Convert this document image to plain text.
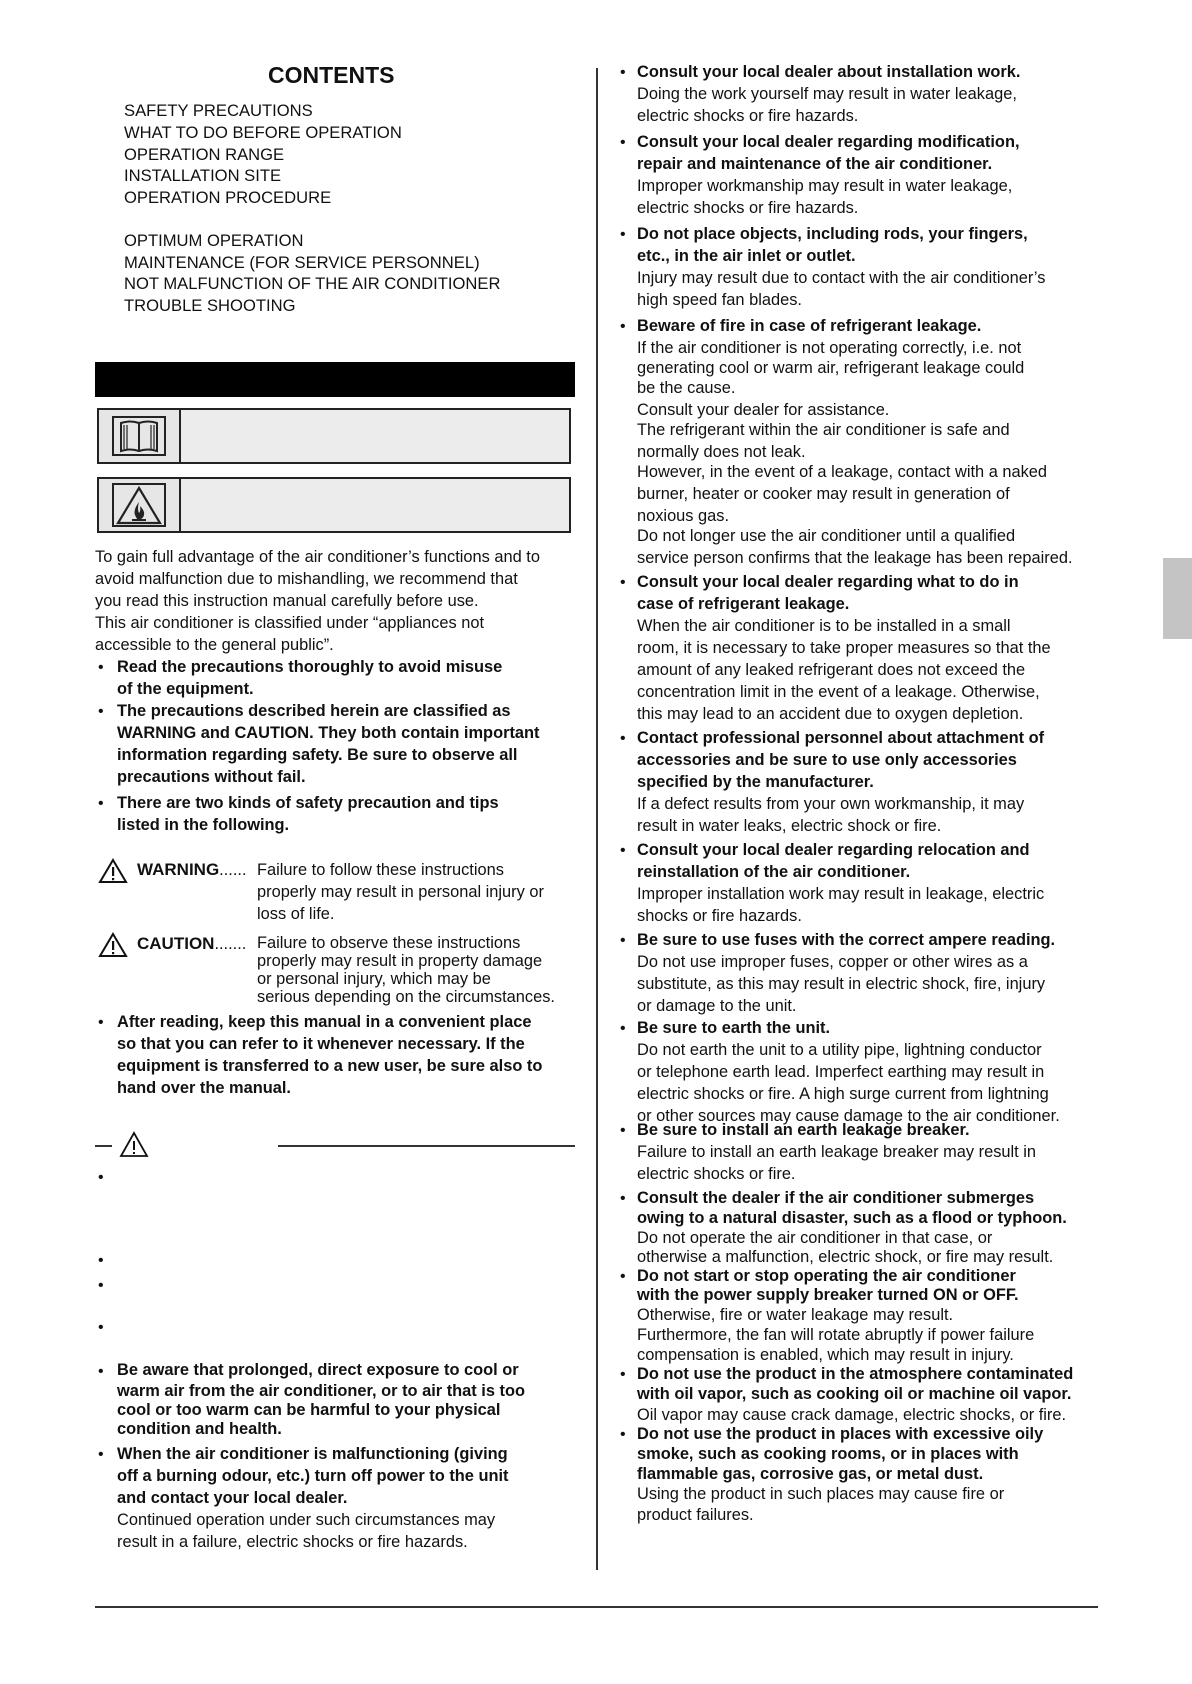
CONTENTS
SAFETY PRECAUTIONS
WHAT TO DO BEFORE OPERATION
OPERATION RANGE
INSTALLATION SITE
OPERATION PROCEDURE
OPTIMUM OPERATION
MAINTENANCE (FOR SERVICE PERSONNEL)
NOT MALFUNCTION OF THE AIR CONDITIONER
TROUBLE SHOOTING
To gain full advantage of the air conditioner’s functions and to
avoid malfunction due to mishandling, we recommend that
you read this instruction manual carefully before use.
This air conditioner is classified under “appliances not
accessible to the general public”.
• Read the precautions thoroughly to avoid misuse
of the equipment.
• The precautions described herein are classified as
WARNING and CAUTION. They both contain important
information regarding safety. Be sure to observe all
precautions without fail.
• There are two kinds of safety precaution and tips
listed in the following.
WARNING...... Failure to follow these instructions
properly may result in personal injury or
loss of life.
CAUTION....... Failure to observe these instructions
properly may result in property damage
or personal injury, which may be
serious depending on the circumstances.
• After reading, keep this manual in a convenient place
so that you can refer to it whenever necessary. If the
equipment is transferred to a new user, be sure also to
hand over the manual.
•
•
•
•
• Be aware that prolonged, direct exposure to cool or
warm air from the air conditioner, or to air that is too
cool or too warm can be harmful to your physical
condition and health.
• When the air conditioner is malfunctioning (giving
off a burning odour, etc.) turn off power to the unit
and contact your local dealer.
Continued operation under such circumstances may
result in a failure, electric shocks or fire hazards.
• Consult your local dealer about installation work.
Doing the work yourself may result in water leakage,
electric shocks or fire hazards.
• Consult your local dealer regarding modification,
repair and maintenance of the air conditioner.
Improper workmanship may result in water leakage,
electric shocks or fire hazards.
• Do not place objects, including rods, your fingers,
etc., in the air inlet or outlet.
Injury may result due to contact with the air conditioner’s
high speed fan blades.
• Beware of fire in case of refrigerant leakage.
If the air conditioner is not operating correctly, i.e. not
generating cool or warm air, refrigerant leakage could
be the cause.
Consult your dealer for assistance.
The refrigerant within the air conditioner is safe and
normally does not leak.
However, in the event of a leakage, contact with a naked
burner, heater or cooker may result in generation of
noxious gas.
Do not longer use the air conditioner until a qualified
service person confirms that the leakage has been repaired.
• Consult your local dealer regarding what to do in
case of refrigerant leakage.
When the air conditioner is to be installed in a small
room, it is necessary to take proper measures so that the
amount of any leaked refrigerant does not exceed the
concentration limit in the event of a leakage. Otherwise,
this may lead to an accident due to oxygen depletion.
• Contact professional personnel about attachment of
accessories and be sure to use only accessories
specified by the manufacturer.
If a defect results from your own workmanship, it may
result in water leaks, electric shock or fire.
• Consult your local dealer regarding relocation and
reinstallation of the air conditioner.
Improper installation work may result in leakage, electric
shocks or fire hazards.
• Be sure to use fuses with the correct ampere reading.
Do not use improper fuses, copper or other wires as a
substitute, as this may result in electric shock, fire, injury
or damage to the unit.
• Be sure to earth the unit.
Do not earth the unit to a utility pipe, lightning conductor
or telephone earth lead. Imperfect earthing may result in
electric shocks or fire. A high surge current from lightning
or other sources may cause damage to the air conditioner.
• Be sure to install an earth leakage breaker.
Failure to install an earth leakage breaker may result in
electric shocks or fire.
• Consult the dealer if the air conditioner submerges
owing to a natural disaster, such as a flood or typhoon.
Do not operate the air conditioner in that case, or
otherwise a malfunction, electric shock, or fire may result.
• Do not start or stop operating the air conditioner
with the power supply breaker turned ON or OFF.
Otherwise, fire or water leakage may result.
Furthermore, the fan will rotate abruptly if power failure
compensation is enabled, which may result in injury.
• Do not use the product in the atmosphere contaminated
with oil vapor, such as cooking oil or machine oil vapor.
Oil vapor may cause crack damage, electric shocks, or fire.
• Do not use the product in places with excessive oily
smoke, such as cooking rooms, or in places with
flammable gas, corrosive gas, or metal dust.
Using the product in such places may cause fire or
product failures.
